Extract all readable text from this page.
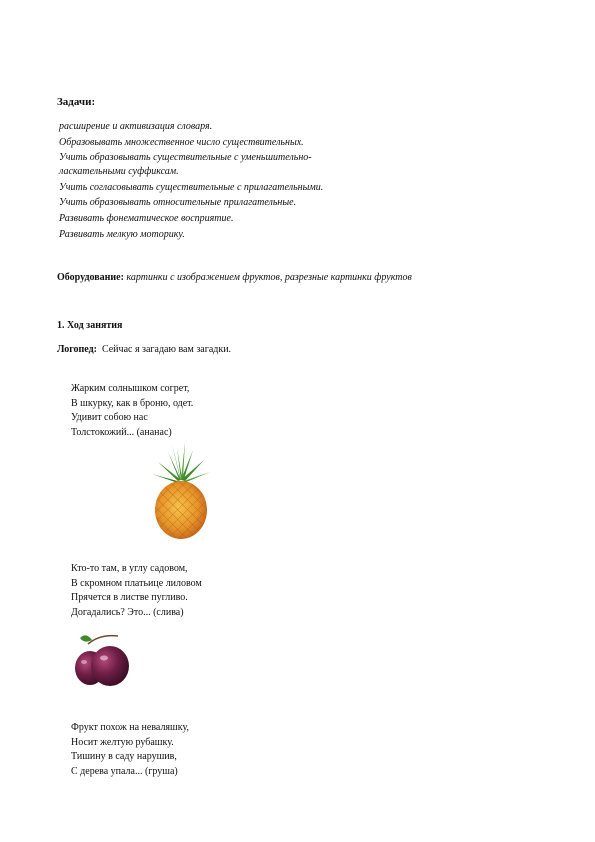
Задачи:
расширение и активизация словаря.
Образовывать множественное число существительных.
Учить образовывать существительные с уменьшительно-
ласкательными суффиксам.
Учить согласовывать существительные с прилагательными.
Учить образовывать относительные прилагательные.
Развивать фонематическое восприятие.
Развивать мелкую моторику.
Оборудование: картинки с изображением фруктов, разрезные картинки фруктов
1. Ход занятия
Логопед: Сейчас я загадаю вам загадки.
Жарким солнышком согрет,
В шкурку, как в броню, одет.
Удивит собою нас
Толстокожий... (ананас)
Кто-то там, в углу садовом,
В скромном платьице лиловом
Прячется в листве пугливо.
Догадались? Это... (слива)
Фрукт похож на неваляшку,
Носит желтую рубашку.
Тишину в саду нарушив,
С дерева упала... (груша)
